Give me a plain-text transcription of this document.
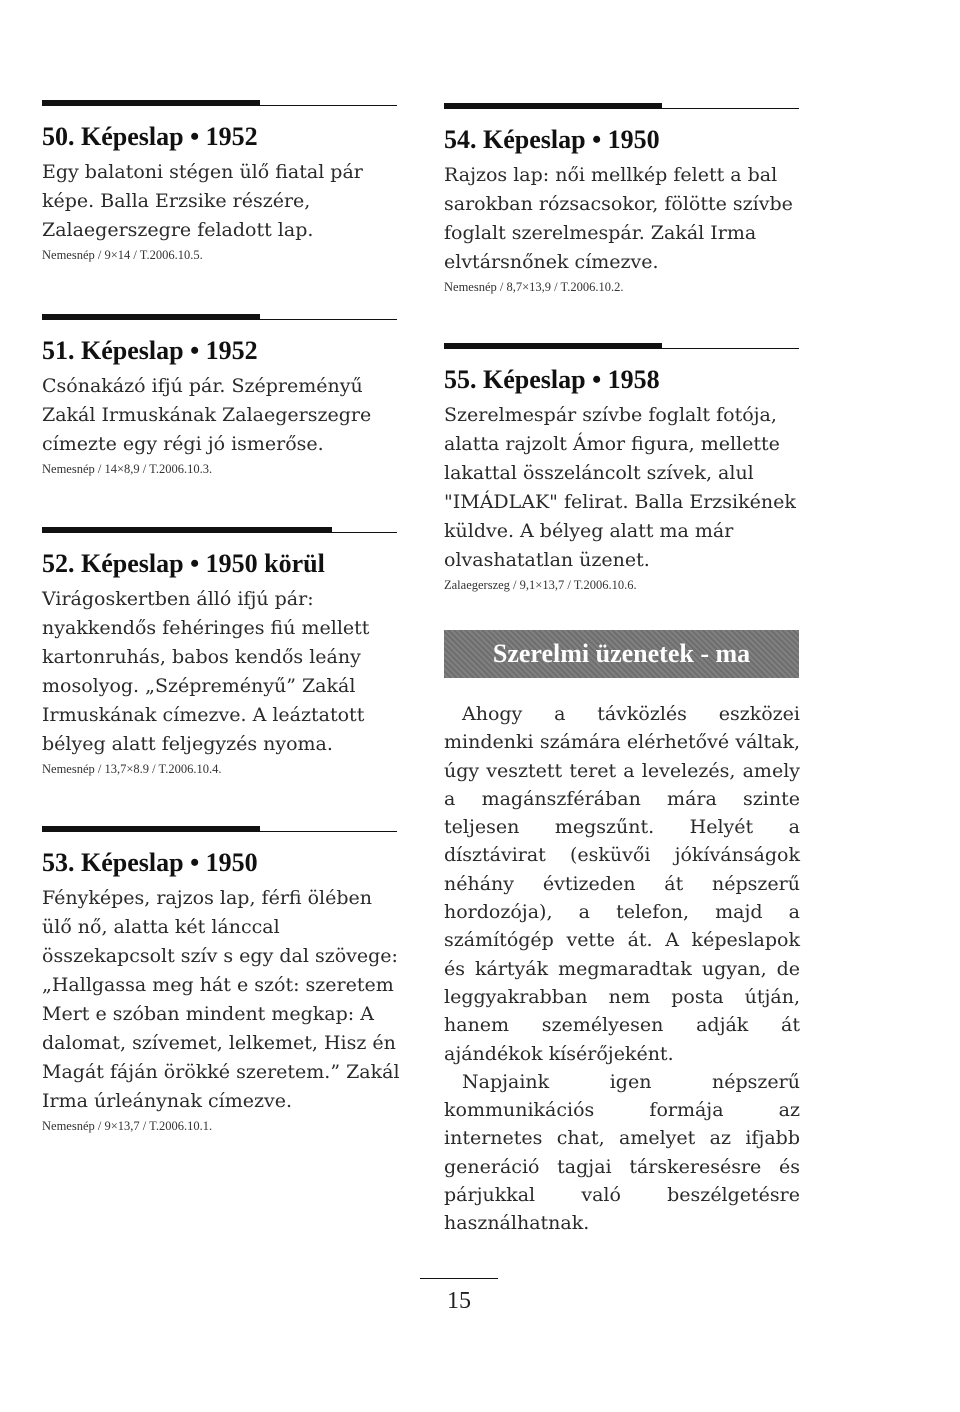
50. Képeslap • 1952
Egy balatoni stégen ülő fiatal pár képe. Balla Erzsike részére, Zalaegerszegre feladott lap.
Nemesnép / 9×14 / T.2006.10.5.
51. Képeslap • 1952
Csónakázó ifjú pár. Szépreményű Zakál Irmuskának Zalaegerszegre címezte egy régi jó ismerőse.
Nemesnép / 14×8,9 / T.2006.10.3.
52. Képeslap • 1950 körül
Virágoskertben álló ifjú pár: nyakkendős fehéringes fiú mellett kartonruhás, babos kendős leány mosolyog. „Szépreményű” Zakál Irmuskának címezve. A leáztatott bélyeg alatt feljegyzés nyoma.
Nemesnép / 13,7×8.9 / T.2006.10.4.
53. Képeslap • 1950
Fényképes, rajzos lap, férfi ölében ülő nő, alatta két lánccal összekapcsolt szív s egy dal szövege: „Hallgassa meg hát e szót: szeretem Mert e szóban mindent megkap: A dalomat, szívemet, lelkemet, Hisz én Magát fáján örökké szeretem.” Zakál Irma úrleánynak címezve.
Nemesnép / 9×13,7 / T.2006.10.1.
54. Képeslap • 1950
Rajzos lap: női mellkép felett a bal sarokban rózsacsokor, fölötte szívbe foglalt szerelmespár. Zakál Irma elvtársnőnek címezve.
Nemesnép / 8,7×13,9 / T.2006.10.2.
55. Képeslap • 1958
Szerelmespár szívbe foglalt fotója, alatta rajzolt Ámor figura, mellette lakattal összeláncolt szívek, alul "IMÁDLAK" felirat. Balla Erzsikének küldve. A bélyeg alatt ma már olvashatatlan üzenet.
Zalaegerszeg / 9,1×13,7 / T.2006.10.6.
Szerelmi üzenetek - ma

Ahogy a távközlés eszközei mindenki számára elérhetővé váltak, úgy vesztett teret a levelezés, amely a magánszférában mára szinte teljesen megszűnt. Helyét a dísztávirat (esküvői jókívánságok néhány évtizeden át népszerű hordozója), a telefon, majd a számítógép vette át. A képeslapok és kártyák megmaradtak ugyan, de leggyakrabban nem posta útján, hanem személyesen adják át ajándékok kísérőjeként.

Napjaink igen népszerű kommunikációs formája az internetes chat, amelyet az ifjabb generáció tagjai társkeresésre és párjukkal való beszélgetésre használhatnak.

15
